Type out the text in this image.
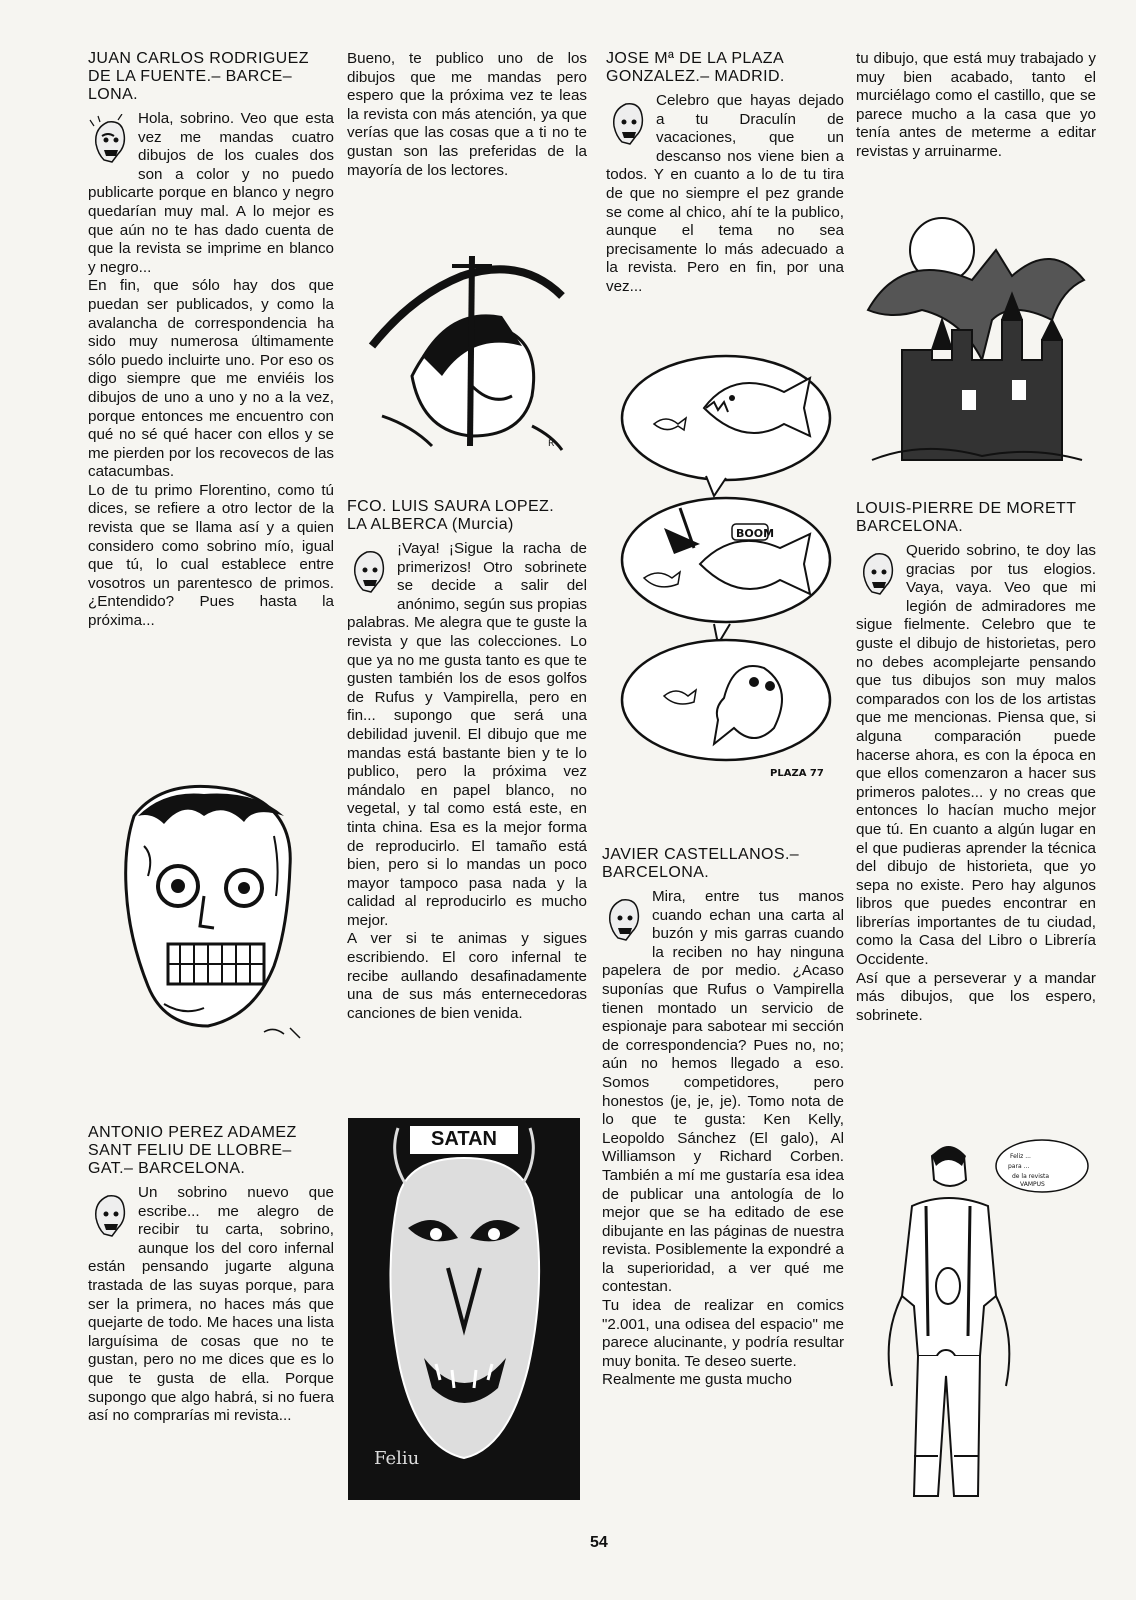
JUAN CARLOS RODRIGUEZ
DE LA FUENTE.– BARCE–
LONA.

Hola, sobrino. Veo que esta vez me mandas cuatro dibujos de los cuales dos son a color y no puedo publicarte porque en blanco y negro quedarían muy mal. A lo mejor es que aún no te has dado cuenta de que la revista se imprime en blanco y negro...

En fin, que sólo hay dos que puedan ser publicados, y como la avalancha de correspondencia ha sido muy numerosa últimamente sólo puedo incluirte uno. Por eso os digo siempre que me enviéis los dibujos de uno a uno y no a la vez, porque entonces me encuentro con qué no sé qué hacer con ellos y se me pierden por los recovecos de las catacumbas.

Lo de tu primo Florentino, como tú dices, se refiere a otro lector de la revista que se llama así y a quien considero como sobrino mío, igual que tú, lo cual establece entre vosotros un parentesco de primos. ¿Entendido? Pues hasta la próxima...

ANTONIO PEREZ ADAMEZ
SANT FELIU DE LLOBRE–
GAT.– BARCELONA.

Un sobrino nuevo que escribe... me alegro de recibir tu carta, sobrino, aunque los del coro infernal están pensando jugarte alguna trastada de las suyas porque, para ser la primera, no haces más que quejarte de todo. Me haces una lista larguísima de cosas que no te gustan, pero no me dices que es lo que te gusta de ella. Porque supongo que algo habrá, si no fuera así no comprarías mi revista...

Bueno, te publico uno de los dibujos que me mandas pero espero que la próxima vez te leas la revista con más atención, ya que verías que las cosas que a ti no te gustan son las preferidas de la mayoría de los lectores.

R
FCO. LUIS SAURA LOPEZ.
LA ALBERCA (Murcia)

¡Vaya! ¡Sigue la racha de primerizos! Otro sobrinete se decide a salir del anónimo, según sus propias palabras. Me alegra que te guste la revista y que las colecciones. Lo que ya no me gusta tanto es que te gusten también los de esos golfos de Rufus y Vampirella, pero en fin... supongo que será una debilidad juvenil. El dibujo que me mandas está bastante bien y te lo publico, pero la próxima vez mándalo en papel blanco, no vegetal, y tal como está este, en tinta china. Esa es la mejor forma de reproducirlo. El tamaño está bien, pero si lo mandas un poco mayor tampoco pasa nada y la calidad al reproducirlo es mucho mejor.

A ver si te animas y sigues escribiendo. El coro infernal te recibe aullando desafinadamente una de sus más enternecedoras canciones de bien venida.

SATAN
Feliu
JOSE Mª DE LA PLAZA
GONZALEZ.– MADRID.

Celebro que hayas dejado a tu Draculín de vacaciones, que un descanso nos viene bien a todos. Y en cuanto a lo de tu tira de que no siempre el pez grande se come al chico, ahí te la publico, aunque el tema no sea precisamente lo más adecuado a la revista. Pero en fin, por una vez...

BOOM
PLAZA 77
JAVIER CASTELLANOS.–
BARCELONA.

Mira, entre tus manos cuando echan una carta al buzón y mis garras cuando la reciben no hay ninguna papelera de por medio. ¿Acaso suponías que Rufus o Vampirella tienen montado un servicio de espionaje para sabotear mi sección de correspondencia? Pues no, no; aún no hemos llegado a eso. Somos competidores, pero honestos (je, je, je). Tomo nota de lo que te gusta: Ken Kelly, Leopoldo Sánchez (El galo), Al Williamson y Richard Corben. También a mí me gustaría esa idea de publicar una antología de lo mejor que se ha editado de ese dibujante en las páginas de nuestra revista. Posiblemente la expondré a la superioridad, a ver qué me contestan.

Tu idea de realizar en comics "2.001, una odisea del espacio" me parece alucinante, y podría resultar muy bonita. Te deseo suerte.

Realmente me gusta mucho

tu dibujo, que está muy trabajado y muy bien acabado, tanto el murciélago como el castillo, que se parece mucho a la casa que yo tenía antes de meterme a editar revistas y arruinarme.

LOUIS-PIERRE DE MORETT
BARCELONA.

Querido sobrino, te doy las gracias por tus elogios. Vaya, vaya. Veo que mi legión de admiradores me sigue fielmente. Celebro que te guste el dibujo de historietas, pero no debes acomplejarte pensando que tus dibujos son muy malos comparados con los de los artistas que me mencionas. Piensa que, si alguna comparación puede hacerse ahora, es con la época en que ellos comenzaron a hacer sus primeros palotes... y no creas que entonces lo hacían mucho mejor que tú. En cuanto a algún lugar en el que pudieras aprender la técnica del dibujo de historieta, que yo sepa no existe. Pero hay algunos libros que puedes encontrar en librerías importantes de tu ciudad, como la Casa del Libro o Librería Occidente.

Así que a perseverar y a mandar más dibujos, que los espero, sobrinete.

Feliz ...
para ...
de la revista
VAMPUS
54
